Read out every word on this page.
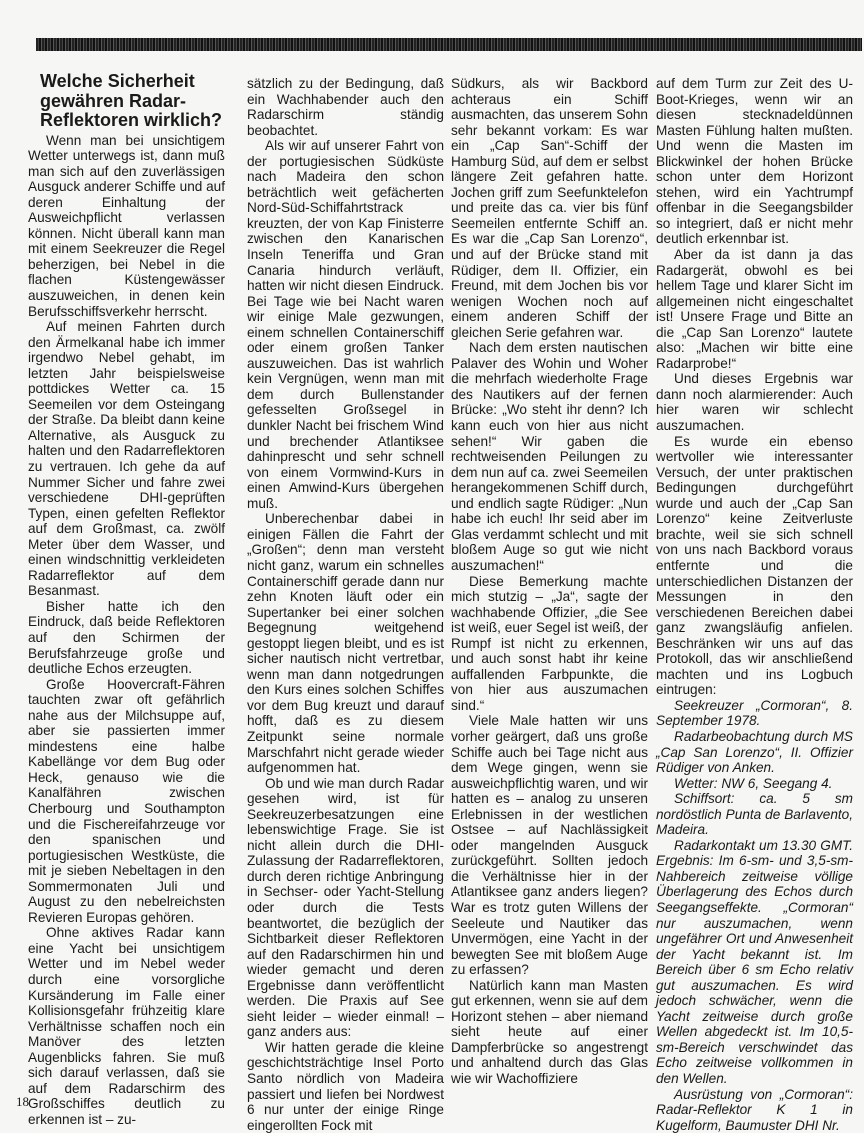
Welche Sicherheit gewähren Radar-Reflektoren wirklich?

Wenn man bei unsichtigem Wetter unterwegs ist, dann muß man sich auf den zuverlässigen Ausguck anderer Schiffe und auf deren Einhaltung der Ausweichpflicht verlassen können. Nicht überall kann man mit einem Seekreuzer die Regel beherzigen, bei Nebel in die flachen Küstengewässer auszuweichen, in denen kein Berufsschiffsverkehr herrscht.

Auf meinen Fahrten durch den Ärmelkanal habe ich immer irgendwo Nebel gehabt, im letzten Jahr beispielsweise pottdickes Wetter ca. 15 Seemeilen vor dem Osteingang der Straße. Da bleibt dann keine Alternative, als Ausguck zu halten und den Radarreflektoren zu vertrauen. Ich gehe da auf Nummer Sicher und fahre zwei verschiedene DHI-geprüften Typen, einen gefelten Reflektor auf dem Großmast, ca. zwölf Meter über dem Wasser, und einen windschnittig verkleideten Radarreflektor auf dem Besanmast.

Bisher hatte ich den Eindruck, daß beide Reflektoren auf den Schirmen der Berufsfahrzeuge große und deutliche Echos erzeugten.

Große Hoovercraft-Fähren tauchten zwar oft gefährlich nahe aus der Milchsuppe auf, aber sie passierten immer mindestens eine halbe Kabellänge vor dem Bug oder Heck, genauso wie die Kanalfähren zwischen Cherbourg und Southampton und die Fischereifahrzeuge vor den spanischen und portugiesischen Westküste, die mit je sieben Nebeltagen in den Sommermonaten Juli und August zu den nebelreichsten Revieren Europas gehören.

Ohne aktives Radar kann eine Yacht bei unsichtigem Wetter und im Nebel weder durch eine vorsorgliche Kursänderung im Falle einer Kollisionsgefahr frühzeitig klare Verhältnisse schaffen noch ein Manöver des letzten Augenblicks fahren. Sie muß sich darauf verlassen, daß sie auf dem Radarschirm des Großschiffes deutlich zu erkennen ist – zu-

sätzlich zu der Bedingung, daß ein Wachhabender auch den Radarschirm ständig beobachtet.

Als wir auf unserer Fahrt von der portugiesischen Südküste nach Madeira den schon beträchtlich weit gefächerten Nord-Süd-Schiffahrtstrack kreuzten, der von Kap Finisterre zwischen den Kanarischen Inseln Teneriffa und Gran Canaria hindurch verläuft, hatten wir nicht diesen Eindruck. Bei Tage wie bei Nacht waren wir einige Male gezwungen, einem schnellen Containerschiff oder einem großen Tanker auszuweichen. Das ist wahrlich kein Vergnügen, wenn man mit dem durch Bullenstander gefesselten Großsegel in dunkler Nacht bei frischem Wind und brechender Atlantiksee dahinprescht und sehr schnell von einem Vormwind-Kurs in einen Amwind-Kurs übergehen muß.

Unberechenbar dabei in einigen Fällen die Fahrt der „Großen“; denn man versteht nicht ganz, warum ein schnelles Containerschiff gerade dann nur zehn Knoten läuft oder ein Supertanker bei einer solchen Begegnung weitgehend gestoppt liegen bleibt, und es ist sicher nautisch nicht vertretbar, wenn man dann notgedrungen den Kurs eines solchen Schiffes vor dem Bug kreuzt und darauf hofft, daß es zu diesem Zeitpunkt seine normale Marschfahrt nicht gerade wieder aufgenommen hat.

Ob und wie man durch Radar gesehen wird, ist für Seekreuzerbesatzungen eine lebenswichtige Frage. Sie ist nicht allein durch die DHI-Zulassung der Radarreflektoren, durch deren richtige Anbringung in Sechser- oder Yacht-Stellung oder durch die Tests beantwortet, die bezüglich der Sichtbarkeit dieser Reflektoren auf den Radarschirmen hin und wieder gemacht und deren Ergebnisse dann veröffentlicht werden. Die Praxis auf See sieht leider – wieder einmal! – ganz anders aus:

Wir hatten gerade die kleine geschichtsträchtige Insel Porto Santo nördlich von Madeira passiert und liefen bei Nordwest 6 nur unter der einige Ringe eingerollten Fock mit

Südkurs, als wir Backbord achteraus ein Schiff ausmachten, das unserem Sohn sehr bekannt vorkam: Es war ein „Cap San“-Schiff der Hamburg Süd, auf dem er selbst längere Zeit gefahren hatte. Jochen griff zum Seefunktelefon und preite das ca. vier bis fünf Seemeilen entfernte Schiff an. Es war die „Cap San Lorenzo“, und auf der Brücke stand mit Rüdiger, dem II. Offizier, ein Freund, mit dem Jochen bis vor wenigen Wochen noch auf einem anderen Schiff der gleichen Serie gefahren war.

Nach dem ersten nautischen Palaver des Wohin und Woher die mehrfach wiederholte Frage des Nautikers auf der fernen Brücke: „Wo steht ihr denn? Ich kann euch von hier aus nicht sehen!“ Wir gaben die rechtweisenden Peilungen zu dem nun auf ca. zwei Seemeilen herangekommenen Schiff durch, und endlich sagte Rüdiger: „Nun habe ich euch! Ihr seid aber im Glas verdammt schlecht und mit bloßem Auge so gut wie nicht auszumachen!“

Diese Bemerkung machte mich stutzig – „Ja“, sagte der wachhabende Offizier, „die See ist weiß, euer Segel ist weiß, der Rumpf ist nicht zu erkennen, und auch sonst habt ihr keine auffallenden Farbpunkte, die von hier aus auszumachen sind.“

Viele Male hatten wir uns vorher geärgert, daß uns große Schiffe auch bei Tage nicht aus dem Wege gingen, wenn sie ausweichpflichtig waren, und wir hatten es – analog zu unseren Erlebnissen in der westlichen Ostsee – auf Nachlässigkeit oder mangelnden Ausguck zurückgeführt. Sollten jedoch die Verhältnisse hier in der Atlantiksee ganz anders liegen? War es trotz guten Willens der Seeleute und Nautiker das Unvermögen, eine Yacht in der bewegten See mit bloßem Auge zu erfassen?

Natürlich kann man Masten gut erkennen, wenn sie auf dem Horizont stehen – aber niemand sieht heute auf einer Dampferbrücke so angestrengt und anhaltend durch das Glas wie wir Wachoffiziere

auf dem Turm zur Zeit des U-Boot-Krieges, wenn wir an diesen stecknadeldünnen Masten Fühlung halten mußten. Und wenn die Masten im Blickwinkel der hohen Brücke schon unter dem Horizont stehen, wird ein Yachtrumpf offenbar in die Seegangsbilder so integriert, daß er nicht mehr deutlich erkennbar ist.

Aber da ist dann ja das Radargerät, obwohl es bei hellem Tage und klarer Sicht im allgemeinen nicht eingeschaltet ist! Unsere Frage und Bitte an die „Cap San Lorenzo“ lautete also: „Machen wir bitte eine Radarprobe!“

Und dieses Ergebnis war dann noch alarmierender: Auch hier waren wir schlecht auszumachen.

Es wurde ein ebenso wertvoller wie interessanter Versuch, der unter praktischen Bedingungen durchgeführt wurde und auch der „Cap San Lorenzo“ keine Zeitverluste brachte, weil sie sich schnell von uns nach Backbord voraus entfernte und die unterschiedlichen Distanzen der Messungen in den verschiedenen Bereichen dabei ganz zwangsläufig anfielen. Beschränken wir uns auf das Protokoll, das wir anschließend machten und ins Logbuch eintrugen:

Seekreuzer „Cormoran“, 8. September 1978.

Radarbeobachtung durch MS „Cap San Lorenzo“, II. Offizier Rüdiger von Anken.

Wetter: NW 6, Seegang 4.

Schiffsort: ca. 5 sm nordöstlich Punta de Barlavento, Madeira.

Radarkontakt um 13.30 GMT. Ergebnis: Im 6-sm- und 3,5-sm-Nahbereich zeitweise völlige Überlagerung des Echos durch Seegangseffekte. „Cormoran“ nur auszumachen, wenn ungefährer Ort und Anwesenheit der Yacht bekannt ist. Im Bereich über 6 sm Echo relativ gut auszumachen. Es wird jedoch schwächer, wenn die Yacht zeitweise durch große Wellen abgedeckt ist. Im 10,5-sm-Bereich verschwindet das Echo zeitweise vollkommen in den Wellen.

Ausrüstung von „Cormoran“: Radar-Reflektor K 1 in Kugelform, Baumuster DHI Nr.

18
